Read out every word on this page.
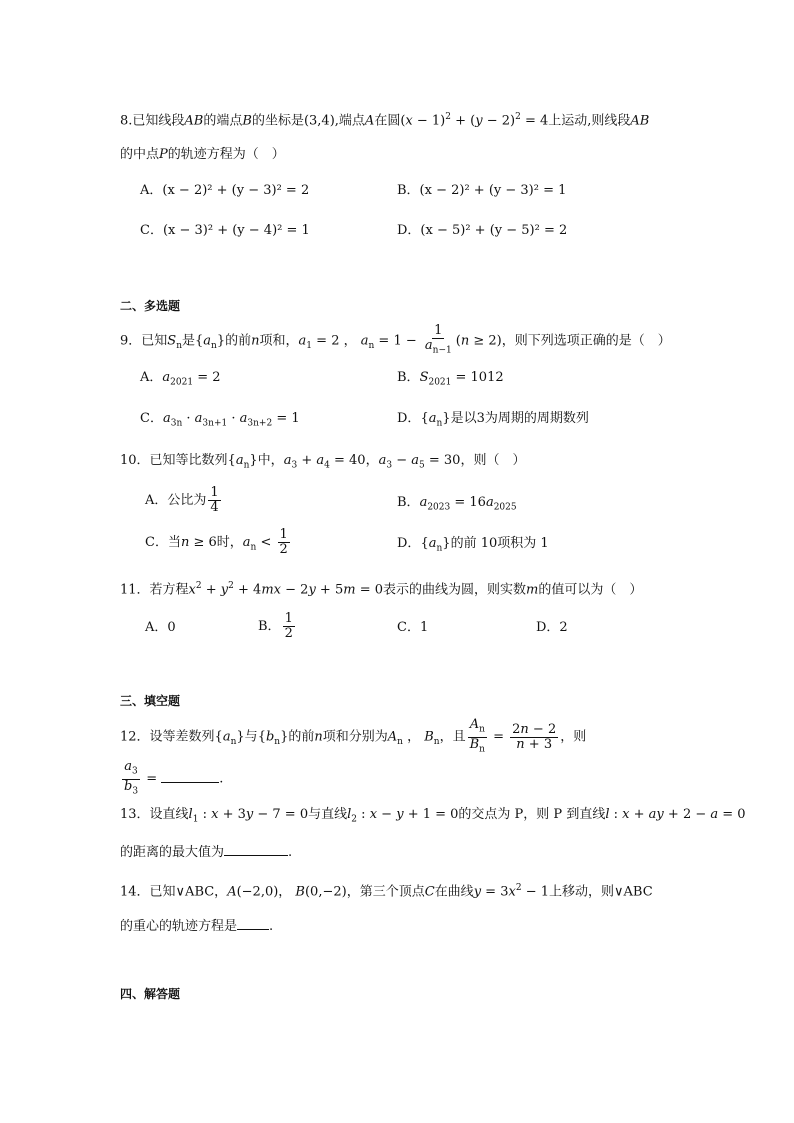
8.已知线段AB的端点B的坐标是(3,4),端点A在圆$(x - 1)^2 + (y - 2)^2 = 4$上运动,则线段AB
的中点P的轨迹方程为（　）
A．(x − 2)² + (y − 3)² = 2	B．(x − 2)² + (y − 3)² = 1
C．(x − 3)² + (y − 4)² = 1	D．(x − 5)² + (y − 5)² = 2
二、多选题
9．已知$S_n$是$\{a_n\}$的前n项和，$a_1 = 2$ ， $a_n = 1 - \frac{1}{a_{n-1}} (n \ge 2)$，则下列选项正确的是（　）
A．$a_{2021} = 2$	B．$S_{2021} = 1012$
C．$a_{3n} \cdot a_{3n+1} \cdot a_{3n+2} = 1$	D．$\{a_n\}$是以3为周期的周期数列
10．已知等比数列$\{a_n\}$中，$a_3 + a_4 = 40$，$a_3 - a_5 = 30$，则（　）
A．公比为 $\frac{1}{4}$	B．$a_{2023} = 16a_{2025}$
C．当n ≥ 6时，$a_n < \frac{1}{2}$	D．$\{a_n\}$的前 10项积为 1
11．若方程$x^2 + y^2 + 4mx - 2y + 5m = 0$表示的曲线为圆，则实数m的值可以为（　）
A．0	B． $\frac{1}{2}$	C．1	D．2
三、填空题
12．设等差数列$\{a_n\}$与$\{b_n\}$的前n项和分别为$A_n$ ， $B_n$，且 $\frac{A_n}{B_n} = \frac{2n - 2}{n + 3}$ ，则
$\frac{a_3}{b_3}$ =	.
13．设直线$l_1$ : x + 3y − 7 = 0与直线$l_2$ : x − y + 1 = 0的交点为 P，则 P 到直线l : x + ay + 2 − a = 0
的距离的最大值为	.
14．已知∨ABC，A(−2,0)， B(0,−2)，第三个顶点C在曲线$y = 3x^2 - 1$上移动，则∨ABC
的重心的轨迹方程是 .
四、解答题
